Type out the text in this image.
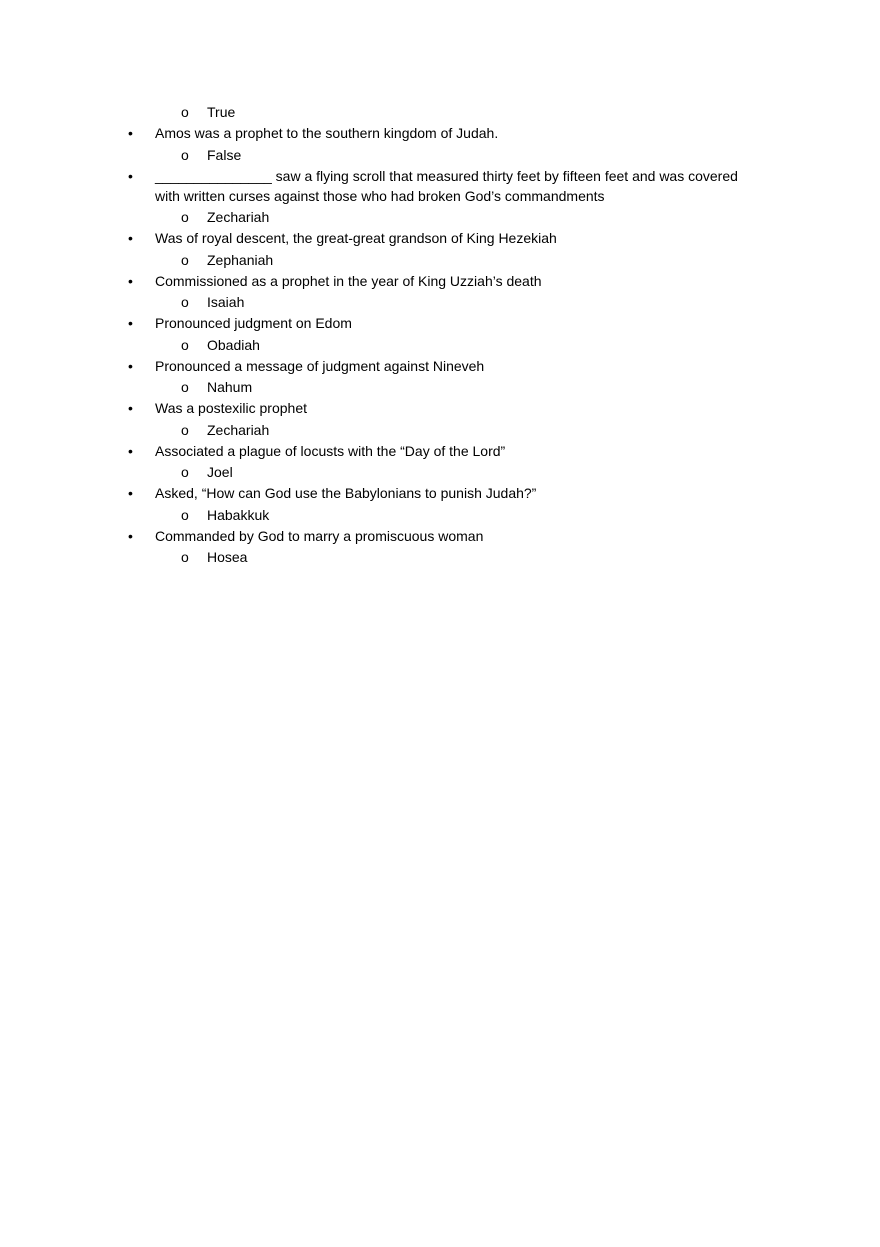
o True
• Amos was a prophet to the southern kingdom of Judah.
o False
• _______________ saw a flying scroll that measured thirty feet by fifteen feet and was covered
with written curses against those who had broken God’s commandments
o Zechariah
• Was of royal descent, the great-great grandson of King Hezekiah
o Zephaniah
• Commissioned as a prophet in the year of King Uzziah’s death
o Isaiah
• Pronounced judgment on Edom
o Obadiah
• Pronounced a message of judgment against Nineveh
o Nahum
• Was a postexilic prophet
o Zechariah
• Associated a plague of locusts with the “Day of the Lord”
o Joel
• Asked, “How can God use the Babylonians to punish Judah?”
o Habakkuk
• Commanded by God to marry a promiscuous woman
o Hosea
